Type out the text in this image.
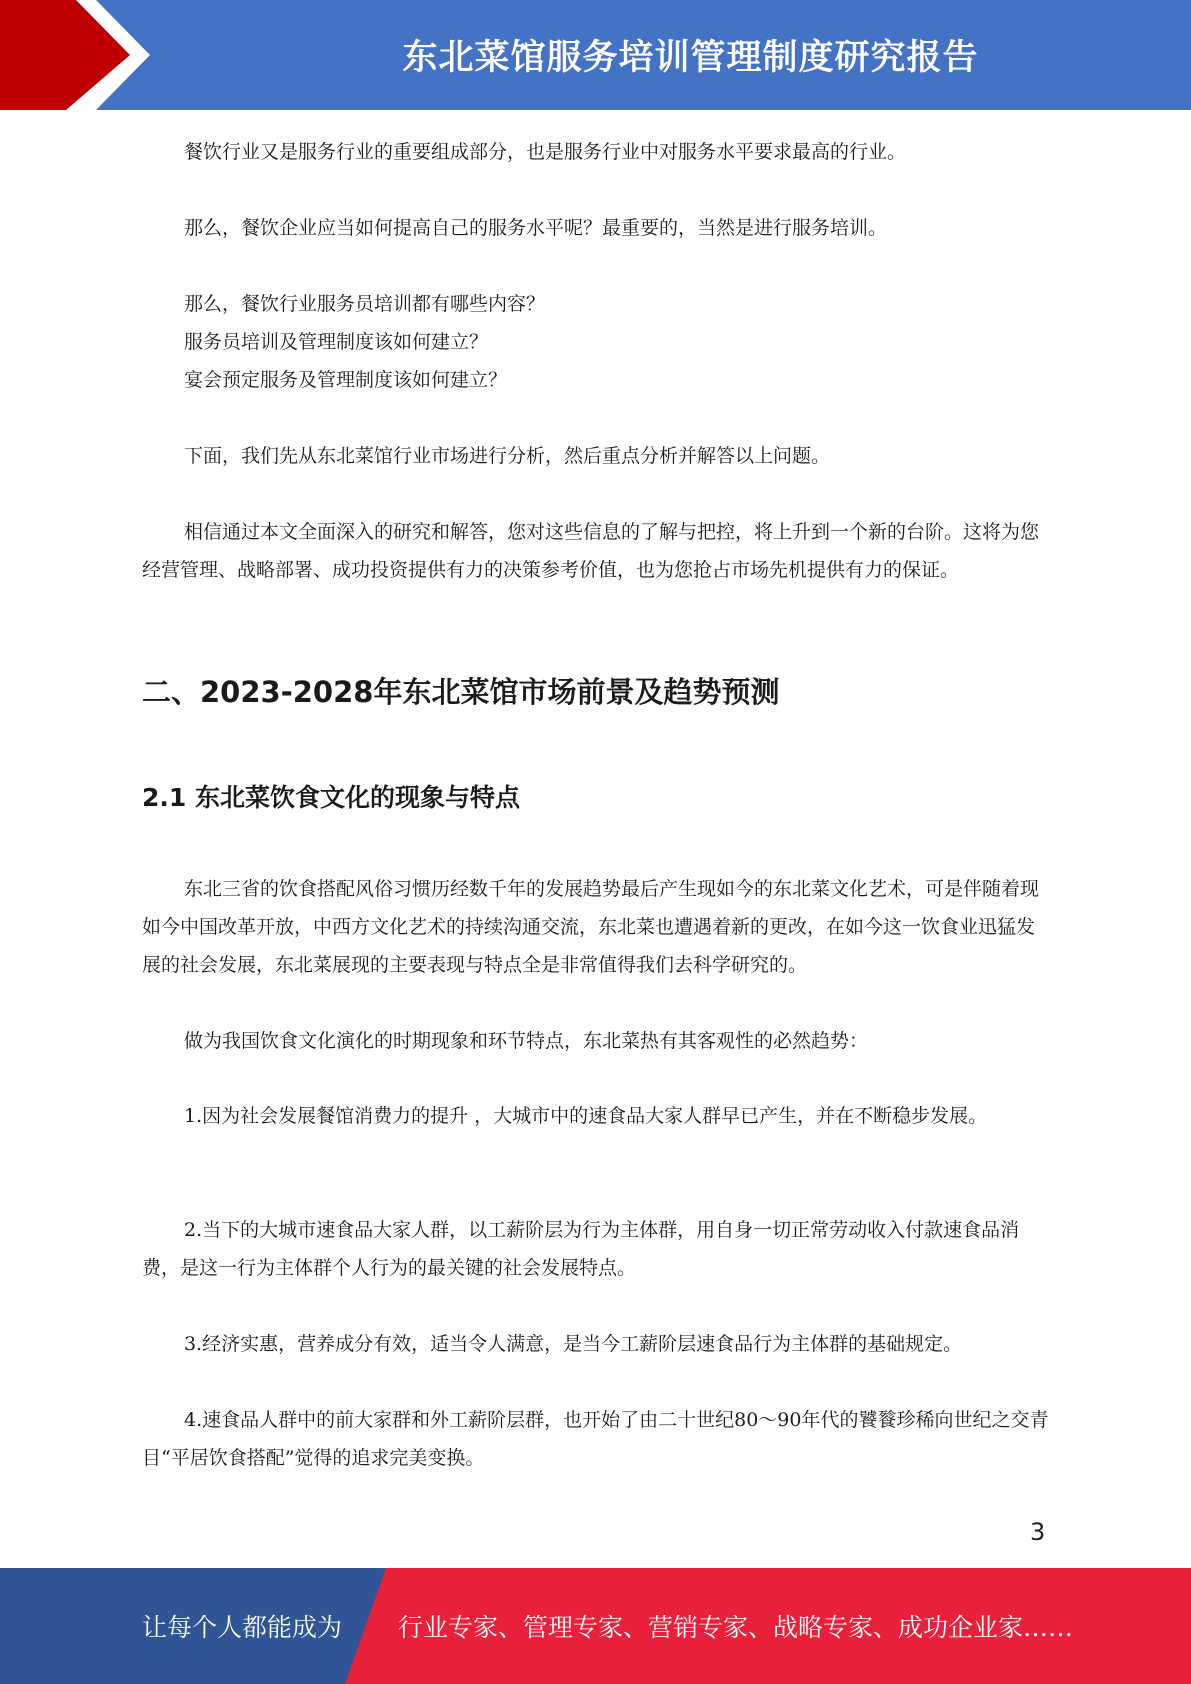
东北菜馆服务培训管理制度研究报告

餐饮行业又是服务行业的重要组成部分，也是服务行业中对服务水平要求最高的行业。

那么，餐饮企业应当如何提高自己的服务水平呢？最重要的，当然是进行服务培训。

那么，餐饮行业服务员培训都有哪些内容？

服务员培训及管理制度该如何建立？

宴会预定服务及管理制度该如何建立？

下面，我们先从东北菜馆行业市场进行分析，然后重点分析并解答以上问题。

相信通过本文全面深入的研究和解答，您对这些信息的了解与把控，将上升到一个新的台阶。这将为您经营管理、战略部署、成功投资提供有力的决策参考价值，也为您抢占市场先机提供有力的保证。

二、2023-2028年东北菜馆市场前景及趋势预测
2.1 东北菜饮食文化的现象与特点

东北三省的饮食搭配风俗习惯历经数千年的发展趋势最后产生现如今的东北菜文化艺术，可是伴随着现如今中国改革开放，中西方文化艺术的持续沟通交流，东北菜也遭遇着新的更改，在如今这一饮食业迅猛发展的社会发展，东北菜展现的主要表现与特点全是非常值得我们去科学研究的。

做为我国饮食文化演化的时期现象和环节特点，东北菜热有其客观性的必然趋势：

1.因为社会发展餐馆消费力的提升 ，大城市中的速食品大家人群早已产生，并在不断稳步发展。

2.当下的大城市速食品大家人群，以工薪阶层为行为主体群，用自身一切正常劳动收入付款速食品消费，是这一行为主体群个人行为的最关键的社会发展特点。

3.经济实惠，营养成分有效，适当令人满意，是当今工薪阶层速食品行为主体群的基础规定。

4.速食品人群中的前大家群和外工薪阶层群，也开始了由二十世纪80～90年代的饕餮珍稀向世纪之交青目“平居饮食搭配”觉得的追求完美变换。

3
让每个人都能成为 行业专家、管理专家、营销专家、战略专家、成功企业家……
